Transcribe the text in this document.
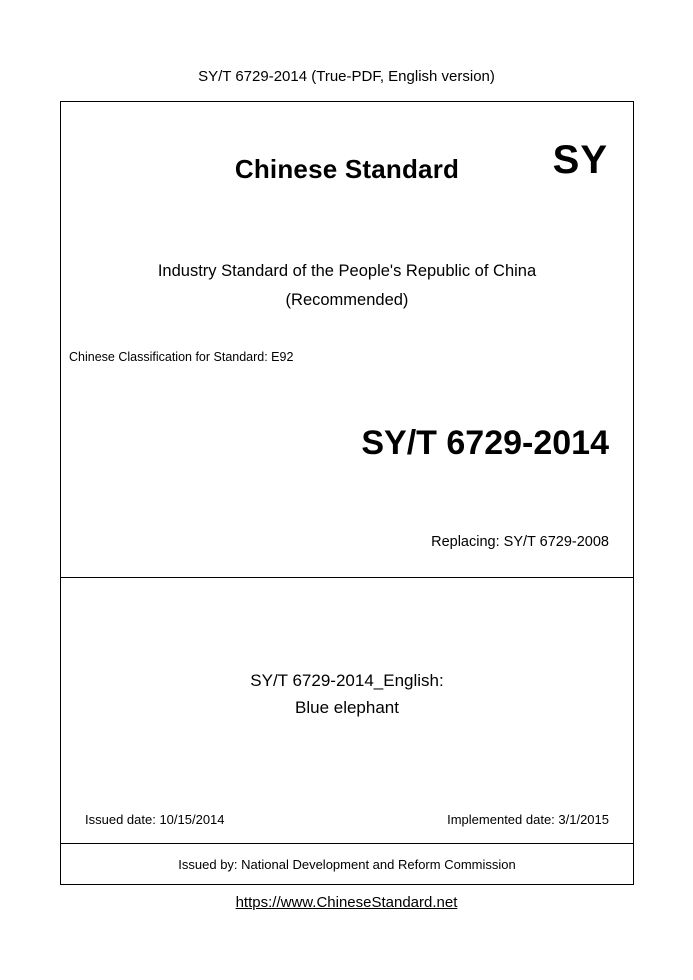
SY/T 6729-2014 (True-PDF, English version)
Chinese Standard	SY
Industry Standard of the People's Republic of China
(Recommended)
Chinese Classification for Standard: E92
SY/T 6729-2014
Replacing: SY/T 6729-2008
SY/T 6729-2014_English:
Blue elephant
Issued date: 10/15/2014	Implemented date: 3/1/2015
Issued by: National Development and Reform Commission
https://www.ChineseStandard.net
